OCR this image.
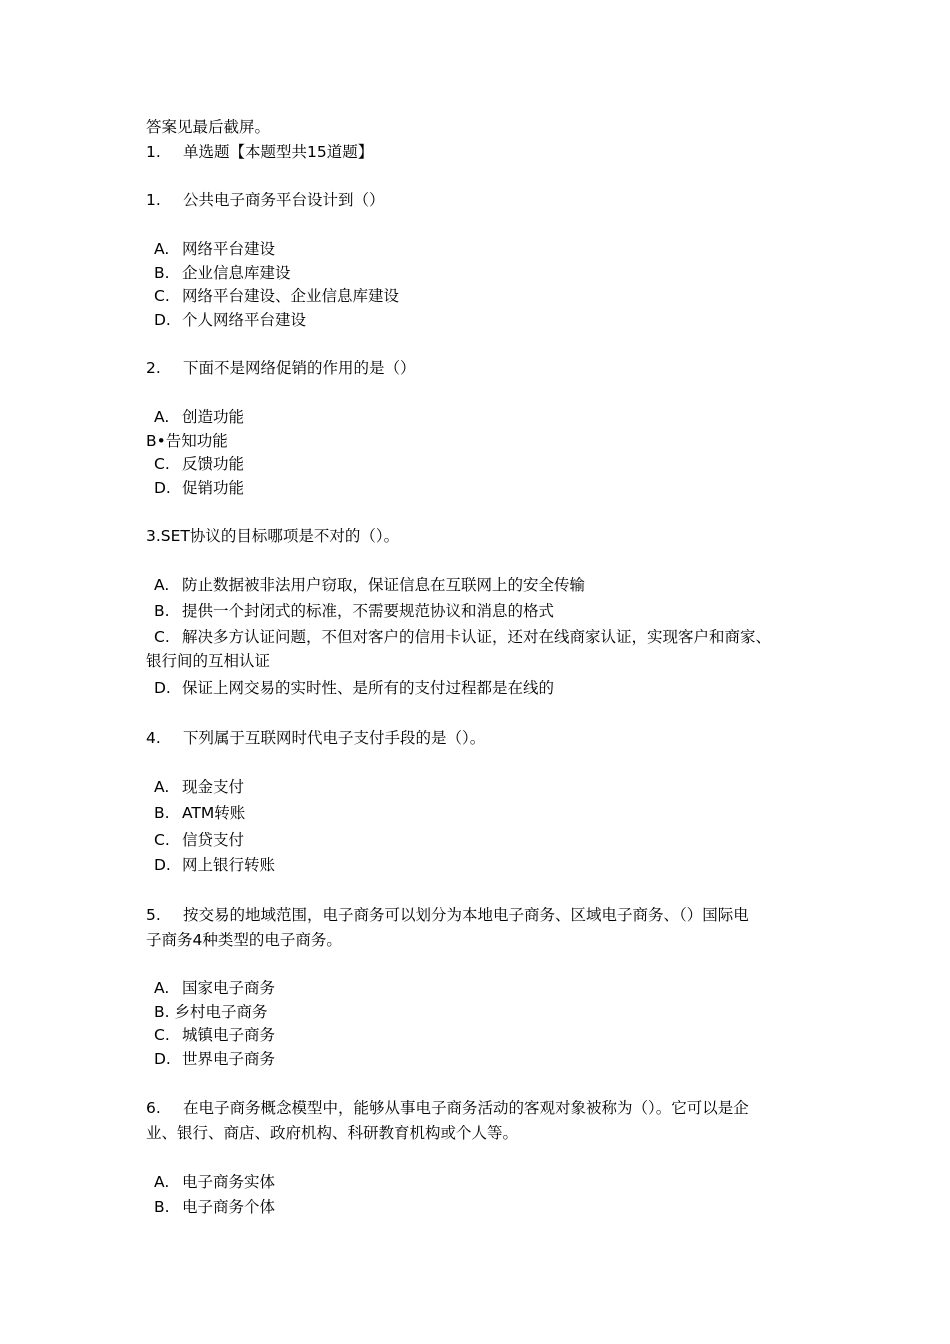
答案见最后截屏。
1. 单选题【本题型共15道题】
1. 公共电子商务平台设计到（）
A. 网络平台建设
B. 企业信息库建设
C. 网络平台建设、企业信息库建设
D. 个人网络平台建设
2. 下面不是网络促销的作用的是（）
A. 创造功能
B•告知功能
C. 反馈功能
D. 促销功能
3.SET协议的目标哪项是不对的（）。
A. 防止数据被非法用户窃取，保证信息在互联网上的安全传输
B. 提供一个封闭式的标准，不需要规范协议和消息的格式
C. 解决多方认证问题，不但对客户的信用卡认证，还对在线商家认证，实现客户和商家、
银行间的互相认证
D. 保证上网交易的实时性、是所有的支付过程都是在线的
4. 下列属于互联网时代电子支付手段的是（）。
A. 现金支付
B. ATM转账
C. 信贷支付
D. 网上银行转账
5. 按交易的地域范围，电子商务可以划分为本地电子商务、区域电子商务、（）国际电
子商务4种类型的电子商务。
A. 国家电子商务
B. 乡村电子商务
C. 城镇电子商务
D. 世界电子商务
6. 在电子商务概念模型中，能够从事电子商务活动的客观对象被称为（）。它可以是企
业、银行、商店、政府机构、科研教育机构或个人等。
A. 电子商务实体
B. 电子商务个体
